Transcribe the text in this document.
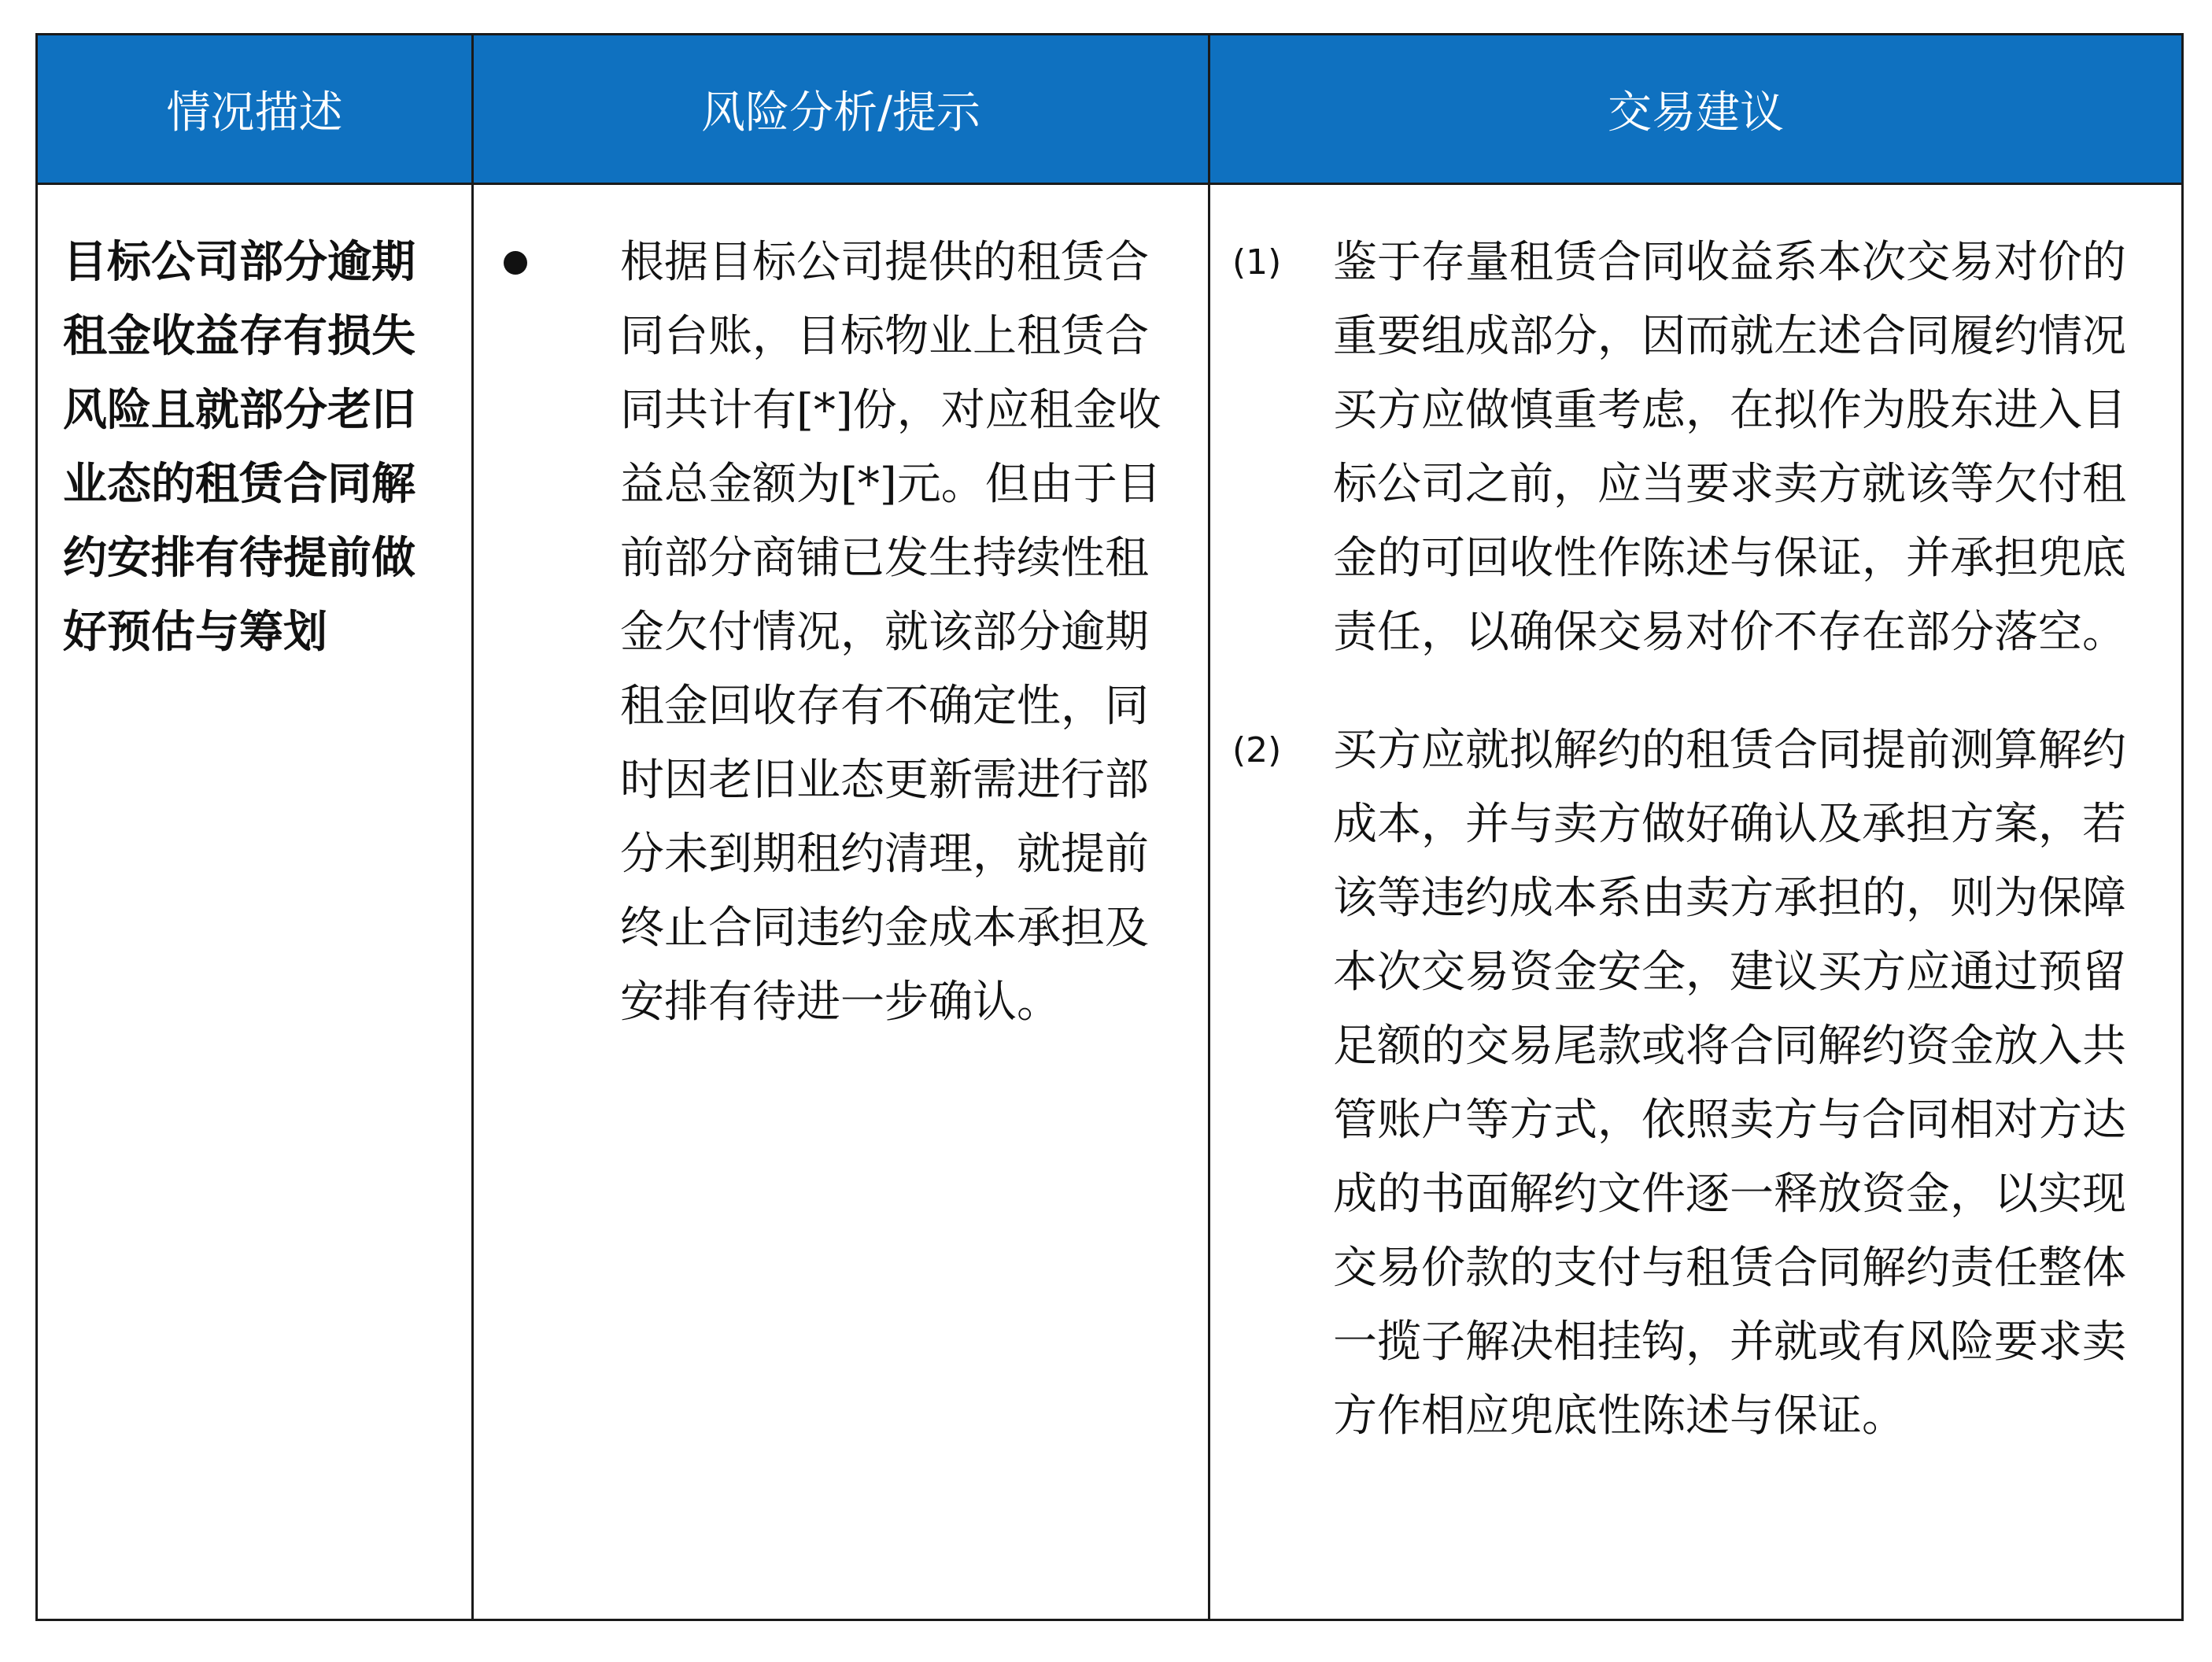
情况描述	风险分析/提示	交易建议

目标公司部分逾期租金收益存有损失风险且就部分老旧业态的租赁合同解约安排有待提前做好预估与筹划	根据目标公司提供的租赁合同台账，目标物业上租赁合同共计有[*]份，对应租金收益总金额为[*]元。但由于目前部分商铺已发生持续性租金欠付情况，就该部分逾期租金回收存有不确定性，同时因老旧业态更新需进行部分未到期租约清理，就提前终止合同违约金成本承担及安排有待进一步确认。	(1) 鉴于存量租赁合同收益系本次交易对价的重要组成部分，因而就左述合同履约情况买方应做慎重考虑，在拟作为股东进入目标公司之前，应当要求卖方就该等欠付租金的可回收性作陈述与保证，并承担兜底责任，以确保交易对价不存在部分落空。

(2) 买方应就拟解约的租赁合同提前测算解约成本，并与卖方做好确认及承担方案，若该等违约成本系由卖方承担的，则为保障本次交易资金安全，建议买方应通过预留足额的交易尾款或将合同解约资金放入共管账户等方式，依照卖方与合同相对方达成的书面解约文件逐一释放资金，以实现交易价款的支付与租赁合同解约责任整体一揽子解决相挂钩，并就或有风险要求卖方作相应兜底性陈述与保证。
